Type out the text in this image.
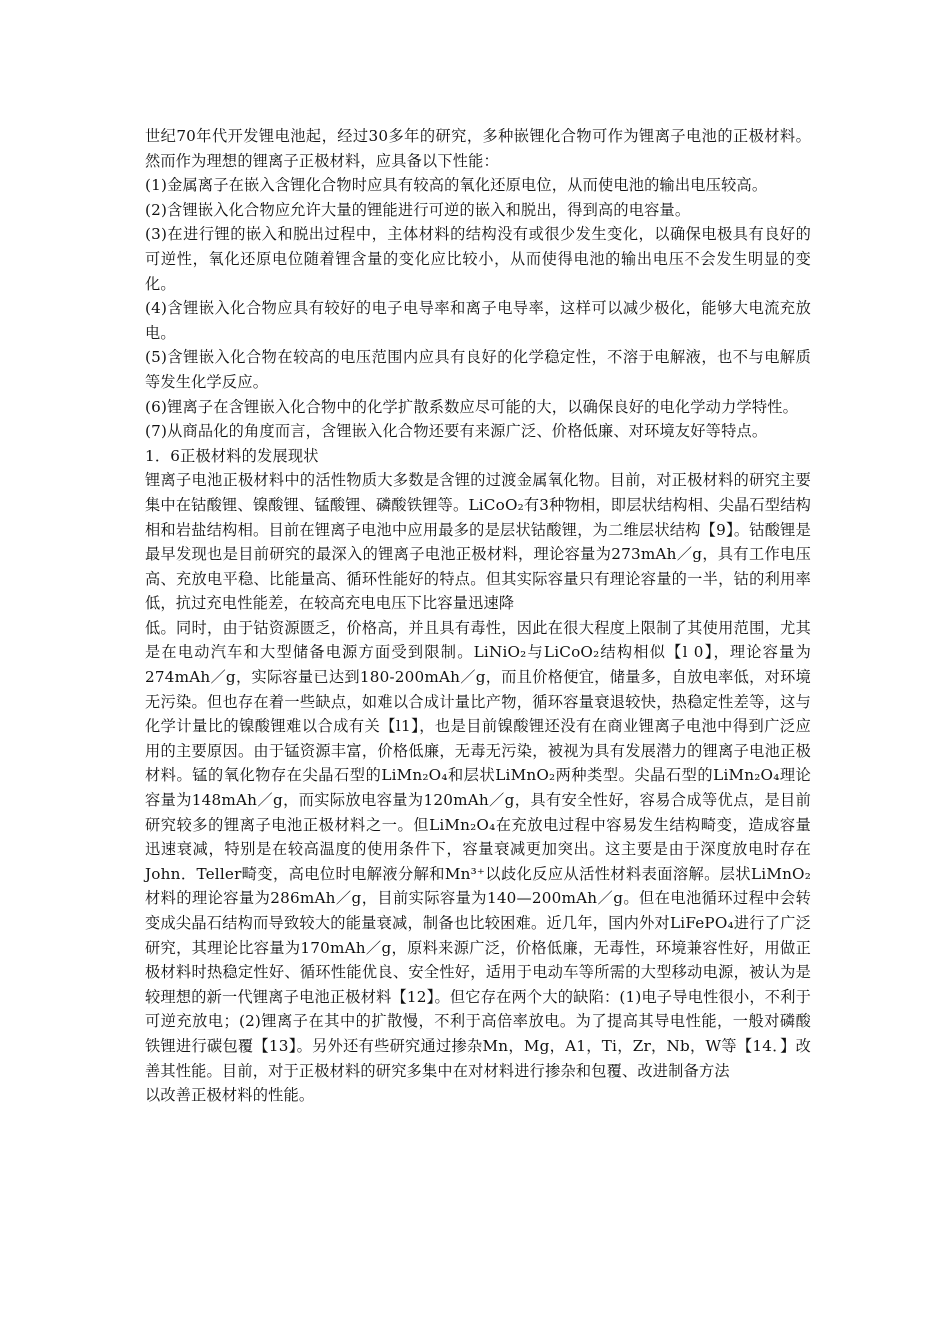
世纪70年代开发锂电池起，经过30多年的研究，多种嵌锂化合物可作为锂离子电池的正极材料。然而作为理想的锂离子正极材料，应具备以下性能：

(1)金属离子在嵌入含锂化合物时应具有较高的氧化还原电位，从而使电池的输出电压较高。

(2)含锂嵌入化合物应允许大量的锂能进行可逆的嵌入和脱出，得到高的电容量。

(3)在进行锂的嵌入和脱出过程中，主体材料的结构没有或很少发生变化，以确保电极具有良好的可逆性，氧化还原电位随着锂含量的变化应比较小，从而使得电池的输出电压不会发生明显的变化。

(4)含锂嵌入化合物应具有较好的电子电导率和离子电导率，这样可以减少极化，能够大电流充放电。

(5)含锂嵌入化合物在较高的电压范围内应具有良好的化学稳定性，不溶于电解液，也不与电解质等发生化学反应。

(6)锂离子在含锂嵌入化合物中的化学扩散系数应尽可能的大，以确保良好的电化学动力学特性。

(7)从商品化的角度而言，含锂嵌入化合物还要有来源广泛、价格低廉、对环境友好等特点。

1．6正极材料的发展现状

锂离子电池正极材料中的活性物质大多数是含锂的过渡金属氧化物。目前，对正极材料的研究主要集中在钴酸锂、镍酸锂、锰酸锂、磷酸铁锂等。LiCoO₂有3种物相，即层状结构相、尖晶石型结构相和岩盐结构相。目前在锂离子电池中应用最多的是层状钴酸锂，为二维层状结构【9】。钴酸锂是最早发现也是目前研究的最深入的锂离子电池正极材料，理论容量为273mAh／g，具有工作电压高、充放电平稳、比能量高、循环性能好的特点。但其实际容量只有理论容量的一半，钴的利用率低，抗过充电性能差，在较高充电电压下比容量迅速降

低。同时，由于钴资源匮乏，价格高，并且具有毒性，因此在很大程度上限制了其使用范围，尤其是在电动汽车和大型储备电源方面受到限制。LiNiO₂与LiCoO₂结构相似【l 0】，理论容量为274mAh／g，实际容量已达到180-200mAh／g，而且价格便宜，储量多，自放电率低，对环境无污染。但也存在着一些缺点，如难以合成计量比产物，循环容量衰退较快，热稳定性差等，这与化学计量比的镍酸锂难以合成有关【l1】，也是目前镍酸锂还没有在商业锂离子电池中得到广泛应用的主要原因。由于锰资源丰富，价格低廉，无毒无污染，被视为具有发展潜力的锂离子电池正极材料。锰的氧化物存在尖晶石型的LiMn₂O₄和层状LiMnO₂两种类型。尖晶石型的LiMn₂O₄理论容量为148mAh／g，而实际放电容量为120mAh／g，具有安全性好，容易合成等优点，是目前研究较多的锂离子电池正极材料之一。但LiMn₂O₄在充放电过程中容易发生结构畸变，造成容量迅速衰减，特别是在较高温度的使用条件下，容量衰减更加突出。这主要是由于深度放电时存在John．Teller畸变，高电位时电解液分解和Mn³⁺以歧化反应从活性材料表面溶解。层状LiMnO₂材料的理论容量为286mAh／g，目前实际容量为140—200mAh／g。但在电池循环过程中会转变成尖晶石结构而导致较大的能量衰减，制备也比较困难。近几年，国内外对LiFePO₄进行了广泛研究，其理论比容量为170mAh／g，原料来源广泛，价格低廉，无毒性，环境兼容性好，用做正极材料时热稳定性好、循环性能优良、安全性好，适用于电动车等所需的大型移动电源，被认为是较理想的新一代锂离子电池正极材料【12】。但它存在两个大的缺陷：(1)电子导电性很小，不利于可逆充放电；(2)锂离子在其中的扩散慢，不利于高倍率放电。为了提高其导电性能，一般对磷酸铁锂进行碳包覆【13】。另外还有些研究通过掺杂Mn，Mg，A1，Ti，Zr，Nb，W等【14．】改善其性能。目前，对于正极材料的研究多集中在对材料进行掺杂和包覆、改进制备方法

以改善正极材料的性能。
